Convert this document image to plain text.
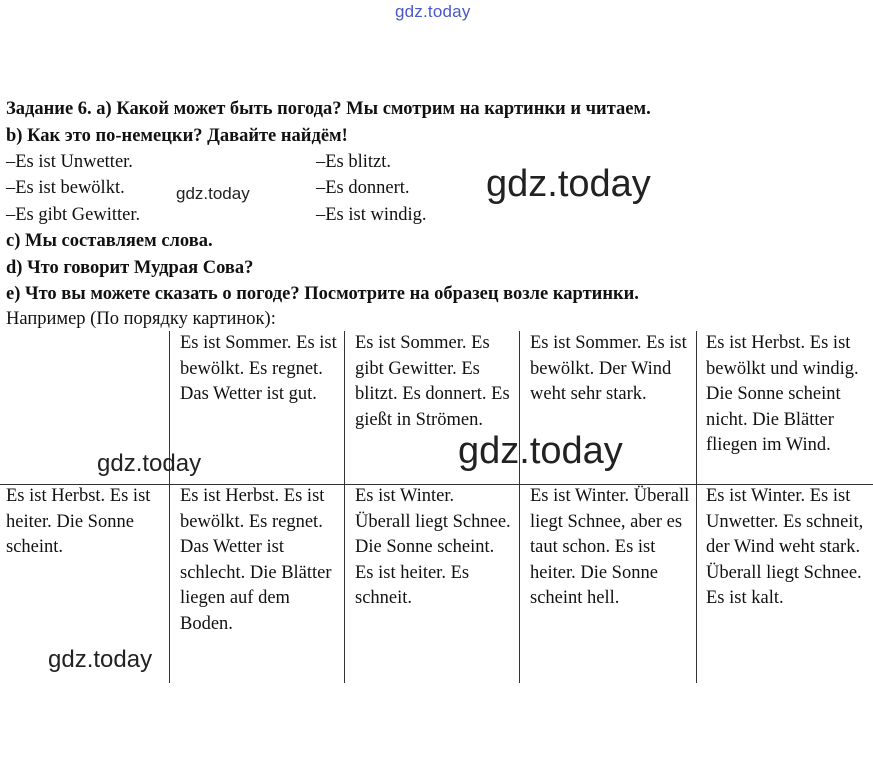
gdz.today
Задание 6. а) Какой может быть погода? Мы смотрим на картинки и читаем.
b) Как это по-немецки? Давайте найдём!
–Es ist Unwetter.
–Es ist bewölkt.
–Es gibt Gewitter.
–Es blitzt.
–Es donnert.
–Es ist windig.
c) Мы составляем слова.
d) Что говорит Мудрая Сова?
e) Что вы можете сказать о погоде? Посмотрите на образец возле картинки.
Например (По порядку картинок):
Es ist Sommer. Es ist bewölkt. Es regnet. Das Wetter ist gut.
Es ist Sommer. Es gibt Gewitter. Es blitzt. Es donnert. Es gießt in Strömen.
Es ist Sommer. Es ist bewölkt. Der Wind weht sehr stark.
Es ist Herbst. Es ist bewölkt und windig. Die Sonne scheint nicht. Die Blätter fliegen im Wind.
Es ist Herbst. Es ist heiter. Die Sonne scheint.
Es ist Herbst. Es ist bewölkt. Es regnet. Das Wetter ist schlecht. Die Blätter liegen auf dem Boden.
Es ist Winter. Überall liegt Schnee. Die Sonne scheint. Es ist heiter. Es schneit.
Es ist Winter. Überall liegt Schnee, aber es taut schon. Es ist heiter. Die Sonne scheint hell.
Es ist Winter. Es ist Unwetter. Es schneit, der Wind weht stark. Überall liegt Schnee. Es ist kalt.
gdz.today
gdz.today
gdz.today
gdz.today
gdz.today
